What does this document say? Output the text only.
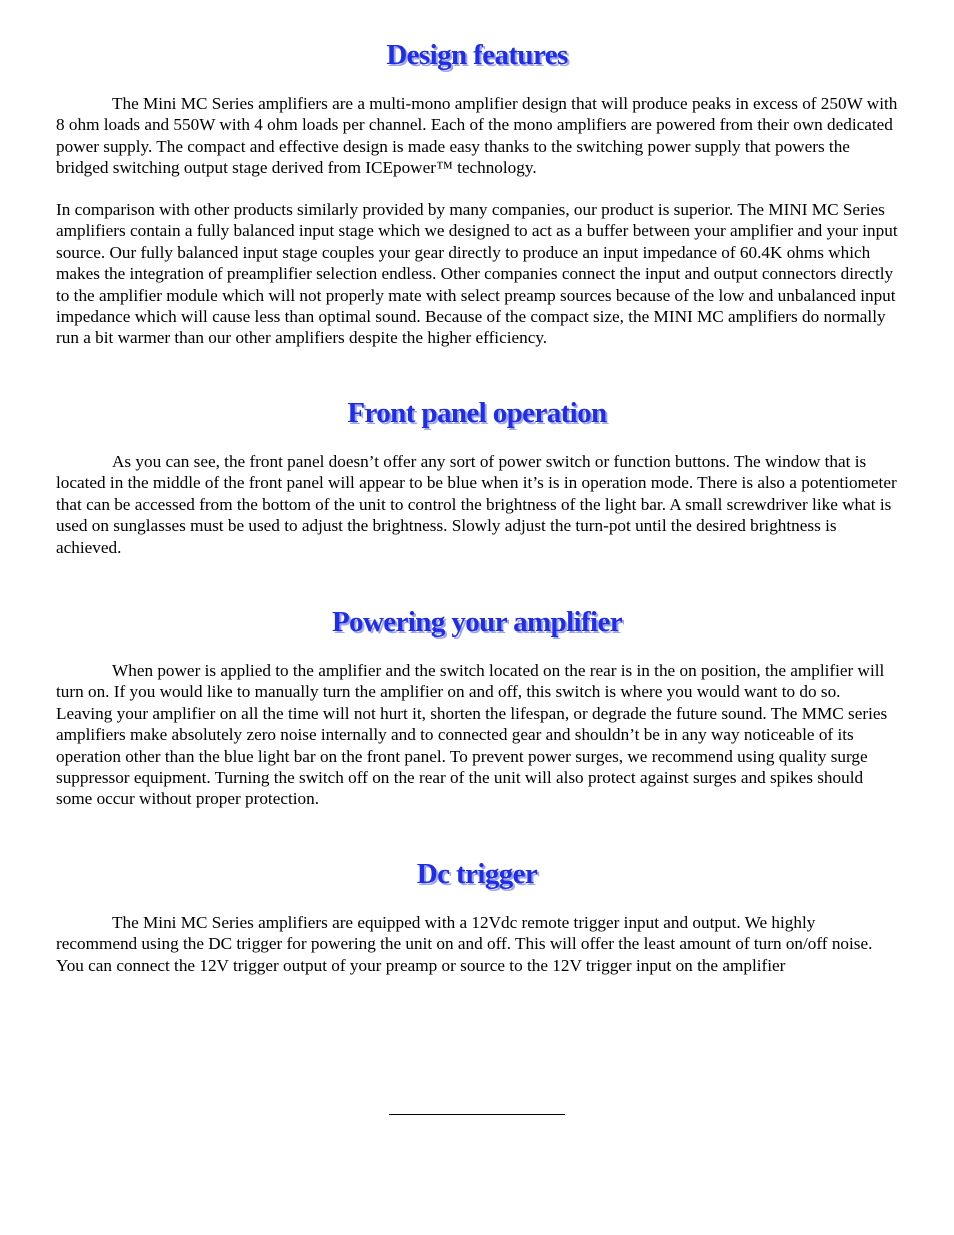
Design features

The Mini MC Series amplifiers are a multi-mono amplifier design that will produce peaks in excess of 250W with 8 ohm loads and 550W with 4 ohm loads per channel. Each of the mono amplifiers are powered from their own dedicated power supply. The compact and effective design is made easy thanks to the switching power supply that powers the bridged switching output stage derived from ICEpower™ technology.

In comparison with other products similarly provided by many companies, our product is superior. The MINI MC Series amplifiers contain a fully balanced input stage which we designed to act as a buffer between your amplifier and your input source. Our fully balanced input stage couples your gear directly to produce an input impedance of 60.4K ohms which makes the integration of preamplifier selection endless. Other companies connect the input and output connectors directly to the amplifier module which will not properly mate with select preamp sources because of the low and unbalanced input impedance which will cause less than optimal sound. Because of the compact size, the MINI MC amplifiers do normally run a bit warmer than our other amplifiers despite the higher efficiency.

Front panel operation

As you can see, the front panel doesn’t offer any sort of power switch or function buttons. The window that is located in the middle of the front panel will appear to be blue when it’s is in operation mode. There is also a potentiometer that can be accessed from the bottom of the unit to control the brightness of the light bar. A small screwdriver like what is used on sunglasses must be used to adjust the brightness. Slowly adjust the turn-pot until the desired brightness is achieved.

Powering your amplifier

When power is applied to the amplifier and the switch located on the rear is in the on position, the amplifier will turn on. If you would like to manually turn the amplifier on and off, this switch is where you would want to do so. Leaving your amplifier on all the time will not hurt it, shorten the lifespan, or degrade the future sound. The MMC series amplifiers make absolutely zero noise internally and to connected gear and shouldn’t be in any way noticeable of its operation other than the blue light bar on the front panel. To prevent power surges, we recommend using quality surge suppressor equipment. Turning the switch off on the rear of the unit will also protect against surges and spikes should some occur without proper protection.

Dc trigger

The Mini MC Series amplifiers are equipped with a 12Vdc remote trigger input and output. We highly recommend using the DC trigger for powering the unit on and off. This will offer the least amount of turn on/off noise. You can connect the 12V trigger output of your preamp or source to the 12V trigger input on the amplifier
